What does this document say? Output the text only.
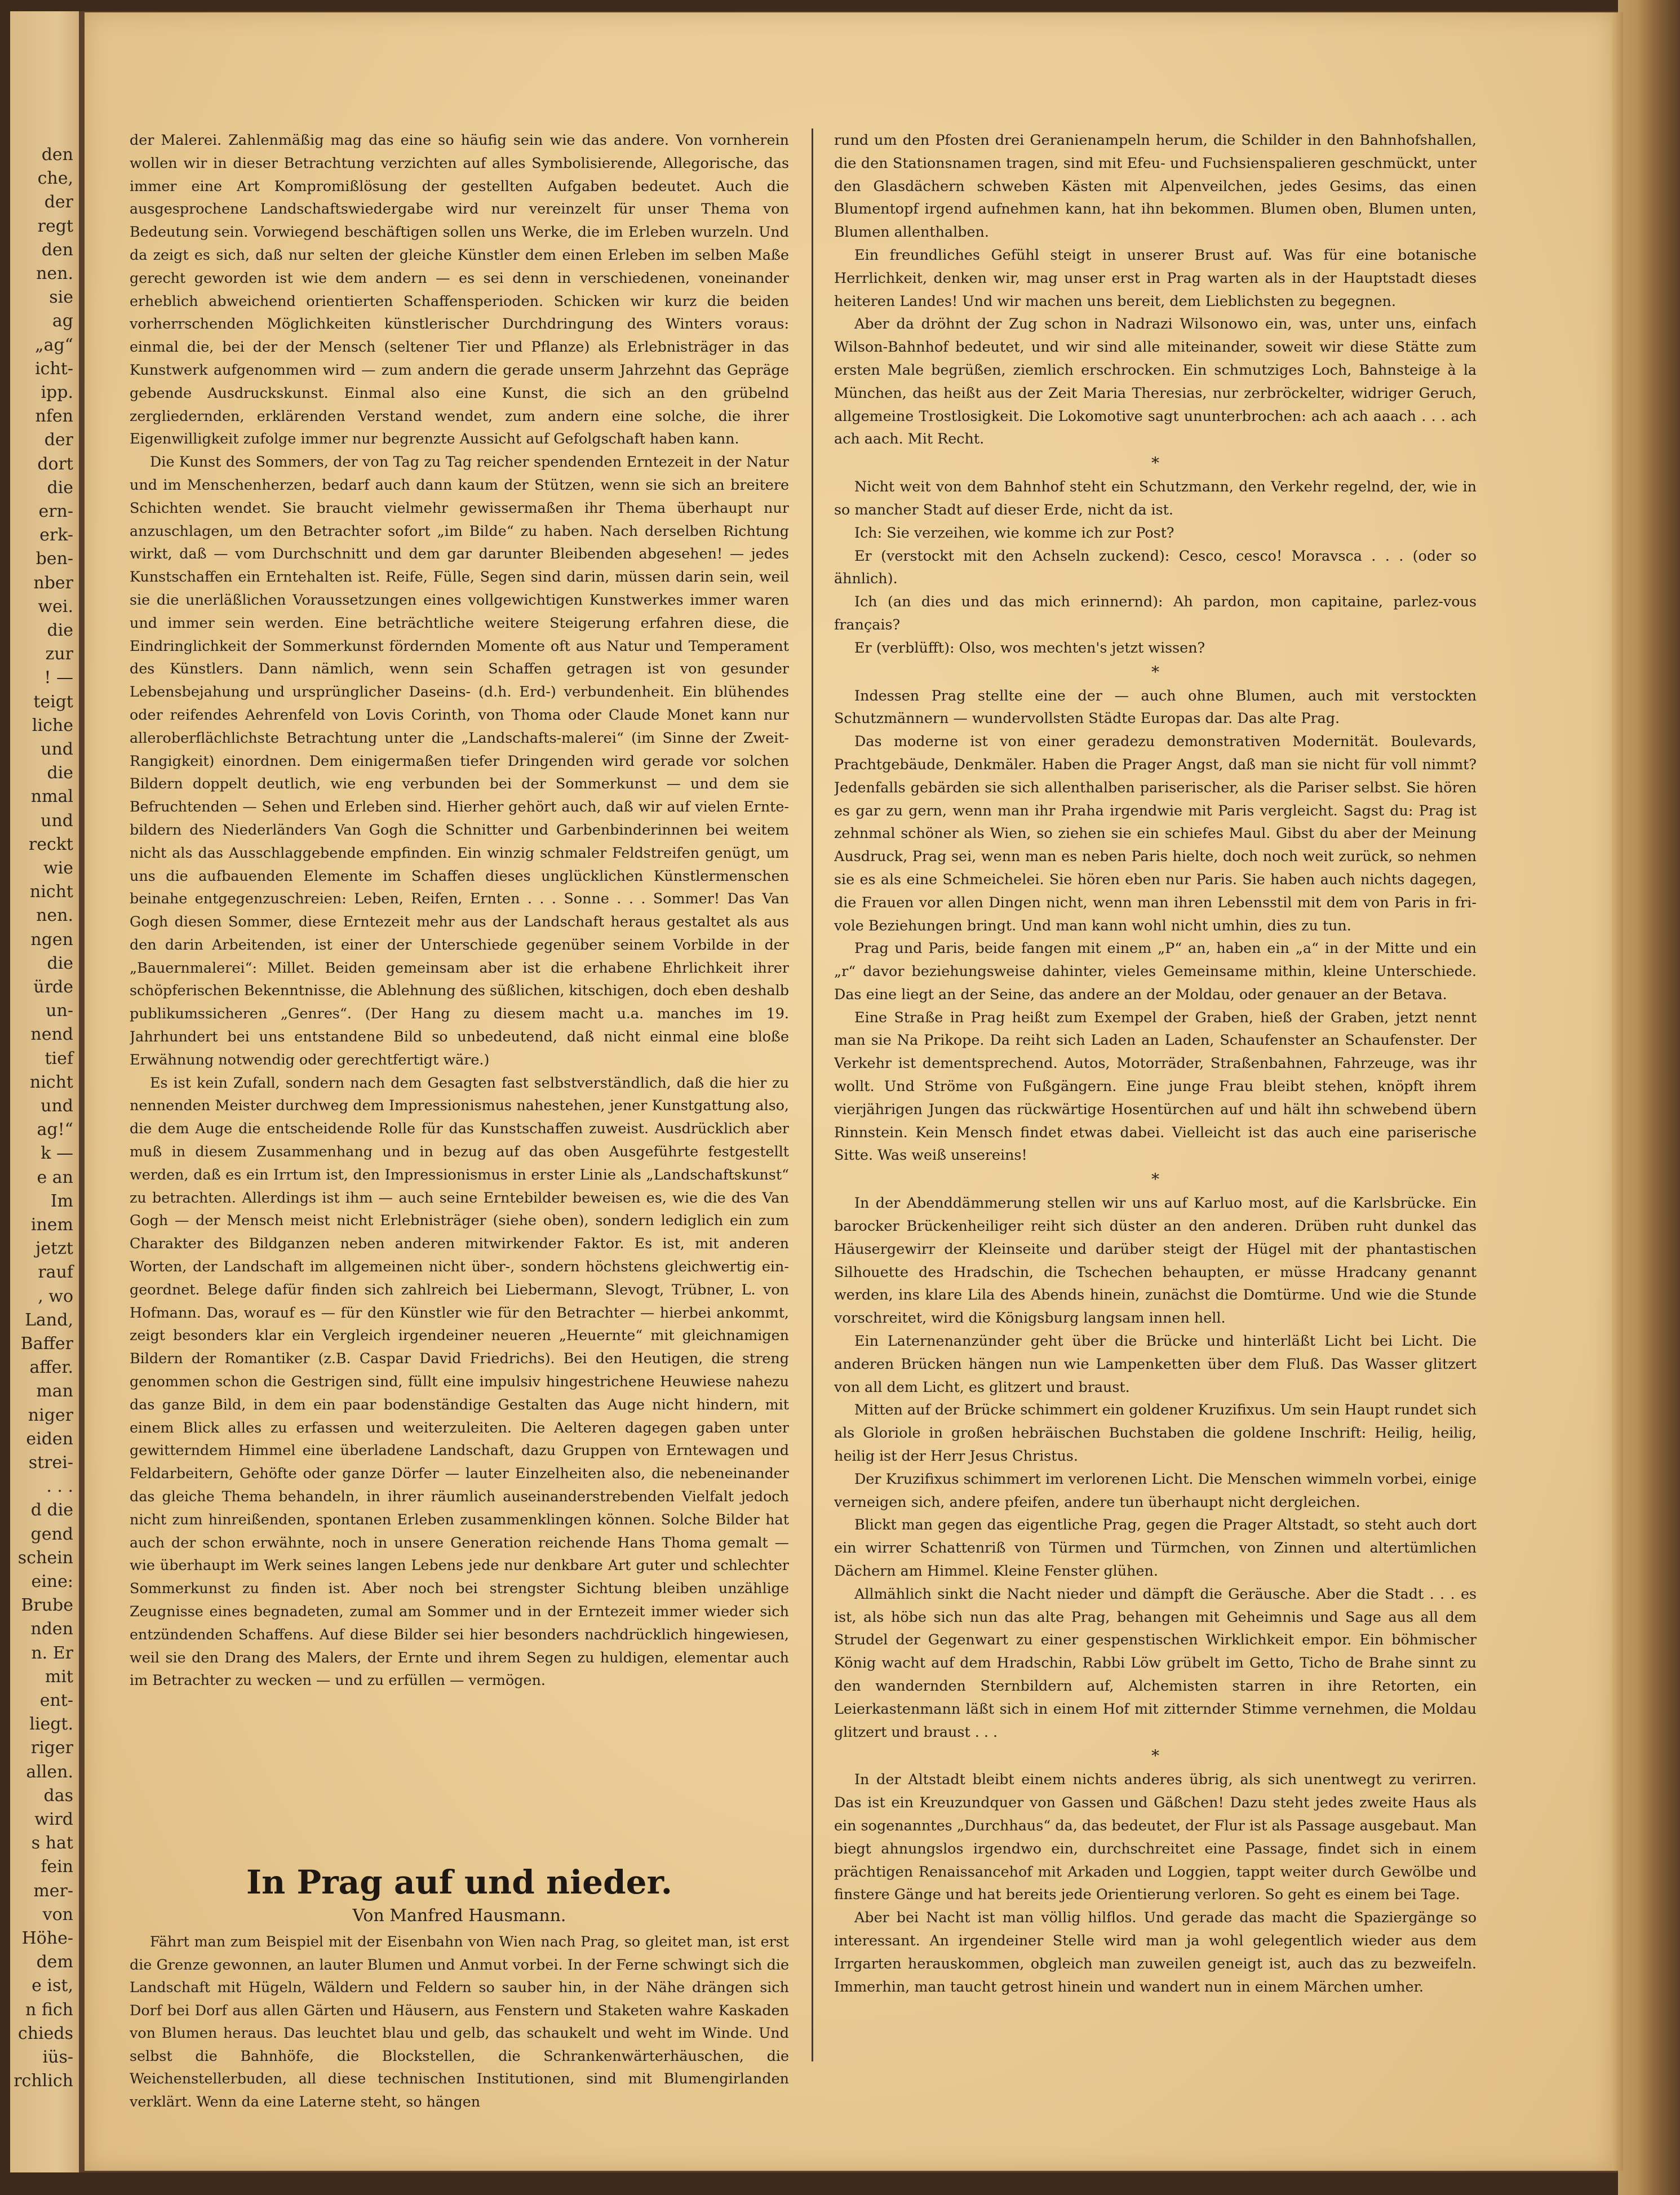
den
che,
der
regt
den
nen.
sie
ag
„ag“
icht-
ipp.
nfen
der
dort
die
ern-
erk-
ben-
nber
wei.
die
zur
! —
teigt
liche
und
die
nmal
und
reckt
wie
nicht
nen.
ngen
die
ürde
un-
nend
tief
nicht
und
ag!“
k —
e an
Im
inem
jetzt
rauf
, wo
Land,
Baffer
affer.
man
niger
eiden
strei-
. . .
d die
gend
schein
eine:
Brube
nden
n. Er
mit
ent-
liegt.
riger
allen.
das
wird
s hat
fein
mer-
von
Höhe-
dem
e ist,
n fich
chieds
iüs-
rchlich

der Malerei. Zahlenmäßig mag das eine so häufig sein wie das andere. Von vornherein wollen wir in dieser Betrachtung verzichten auf alles Symbolisierende, Allegorische, das immer eine Art Kompromißlösung der gestellten Aufgaben bedeutet. Auch die ausgesprochene Landschaftswiedergabe wird nur vereinzelt für unser Thema von Bedeutung sein. Vorwiegend beschäftigen sollen uns Werke, die im Erleben wurzeln. Und da zeigt es sich, daß nur selten der gleiche Künstler dem einen Erleben im selben Maße gerecht geworden ist wie dem andern — es sei denn in verschiedenen, voneinander erheblich abweichend orientierten Schaffensperioden. Schicken wir kurz die beiden vorherrschenden Möglichkeiten künstlerischer Durchdringung des Winters voraus: einmal die, bei der der Mensch (seltener Tier und Pflanze) als Erlebnisträger in das Kunstwerk aufgenommen wird — zum andern die gerade unserm Jahrzehnt das Gepräge gebende Ausdruckskunst. Einmal also eine Kunst, die sich an den grübelnd zergliedernden, erklärenden Verstand wendet, zum andern eine solche, die ihrer Eigenwilligkeit zufolge immer nur begrenzte Aussicht auf Gefolgschaft haben kann.

Die Kunst des Sommers, der von Tag zu Tag reicher spendenden Erntezeit in der Natur und im Menschenherzen, bedarf auch dann kaum der Stützen, wenn sie sich an breitere Schichten wendet. Sie braucht vielmehr gewissermaßen ihr Thema überhaupt nur anzuschlagen, um den Betrachter sofort „im Bilde“ zu haben. Nach derselben Richtung wirkt, daß — vom Durchschnitt und dem gar darunter Bleibenden abgesehen! — jedes Kunstschaffen ein Erntehalten ist. Reife, Fülle, Segen sind darin, müssen darin sein, weil sie die unerläßlichen Voraussetzungen eines vollgewichtigen Kunstwerkes immer waren und immer sein werden. Eine beträchtliche weitere Steigerung erfahren diese, die Eindringlichkeit der Sommerkunst fördernden Momente oft aus Natur und Temperament des Künstlers. Dann nämlich, wenn sein Schaffen getragen ist von gesunder Lebensbejahung und ursprünglicher Daseins- (d.h. Erd-) verbundenheit. Ein blühendes oder reifendes Aehrenfeld von Lovis Corinth, von Thoma oder Claude Monet kann nur alleroberflächlichste Betrachtung unter die „Landschafts-malerei“ (im Sinne der Zweit-Rangigkeit) einordnen. Dem einigermaßen tiefer Dringenden wird gerade vor solchen Bildern doppelt deutlich, wie eng verbunden bei der Sommerkunst — und dem sie Befruchtenden — Sehen und Erleben sind. Hierher gehört auch, daß wir auf vielen Erntebildern des Niederländers Van Gogh die Schnitter und Garbenbinderinnen bei weitem nicht als das Ausschlaggebende empfinden. Ein winzig schmaler Feldstreifen genügt, um uns die aufbauenden Elemente im Schaffen dieses unglücklichen Künstlermenschen beinahe entgegenzuschreien: Leben, Reifen, Ernten . . . Sonne . . . Sommer! Das Van Gogh diesen Sommer, diese Erntezeit mehr aus der Landschaft heraus gestaltet als aus den darin Arbeitenden, ist einer der Unterschiede gegenüber seinem Vorbilde in der „Bauernmalerei“: Millet. Beiden gemeinsam aber ist die erhabene Ehrlichkeit ihrer schöpferischen Bekenntnisse, die Ablehnung des süßlichen, kitschigen, doch eben deshalb publikumssicheren „Genres“. (Der Hang zu diesem macht u.a. manches im 19. Jahrhundert bei uns entstandene Bild so unbedeutend, daß nicht einmal eine bloße Erwähnung notwendig oder gerechtfertigt wäre.)

Es ist kein Zufall, sondern nach dem Gesagten fast selbstverständlich, daß die hier zu nennenden Meister durchweg dem Impressionismus nahestehen, jener Kunstgattung also, die dem Auge die entscheidende Rolle für das Kunstschaffen zuweist. Ausdrücklich aber muß in diesem Zusammenhang und in bezug auf das oben Ausgeführte festgestellt werden, daß es ein Irrtum ist, den Impressionismus in erster Linie als „Landschaftskunst“ zu betrachten. Allerdings ist ihm — auch seine Erntebilder beweisen es, wie die des Van Gogh — der Mensch meist nicht Erlebnisträger (siehe oben), sondern lediglich ein zum Charakter des Bildganzen neben anderen mitwirkender Faktor. Es ist, mit anderen Worten, der Landschaft im allgemeinen nicht über-, sondern höchstens gleichwertig eingeordnet. Belege dafür finden sich zahlreich bei Liebermann, Slevogt, Trübner, L. von Hofmann. Das, worauf es — für den Künstler wie für den Betrachter — hierbei ankommt, zeigt besonders klar ein Vergleich irgendeiner neueren „Heuernte“ mit gleichnamigen Bildern der Romantiker (z.B. Caspar David Friedrichs). Bei den Heutigen, die streng genommen schon die Gestrigen sind, füllt eine impulsiv hingestrichene Heuwiese nahezu das ganze Bild, in dem ein paar bodenständige Gestalten das Auge nicht hindern, mit einem Blick alles zu erfassen und weiterzuleiten. Die Aelteren dagegen gaben unter gewitterndem Himmel eine überladene Landschaft, dazu Gruppen von Erntewagen und Feldarbeitern, Gehöfte oder ganze Dörfer — lauter Einzelheiten also, die nebeneinander das gleiche Thema behandeln, in ihrer räumlich auseinanderstrebenden Vielfalt jedoch nicht zum hinreißenden, spontanen Erleben zusammenklingen können. Solche Bilder hat auch der schon erwähnte, noch in unsere Generation reichende Hans Thoma gemalt — wie überhaupt im Werk seines langen Lebens jede nur denkbare Art guter und schlechter Sommerkunst zu finden ist. Aber noch bei strengster Sichtung bleiben unzählige Zeugnisse eines begnadeten, zumal am Sommer und in der Erntezeit immer wieder sich entzündenden Schaffens. Auf diese Bilder sei hier besonders nachdrücklich hingewiesen, weil sie den Drang des Malers, der Ernte und ihrem Segen zu huldigen, elementar auch im Betrachter zu wecken — und zu erfüllen — vermögen.

In Prag auf und nieder.
Von Manfred Hausmann.

Fährt man zum Beispiel mit der Eisenbahn von Wien nach Prag, so gleitet man, ist erst die Grenze gewonnen, an lauter Blumen und Anmut vorbei. In der Ferne schwingt sich die Landschaft mit Hügeln, Wäldern und Feldern so sauber hin, in der Nähe drängen sich Dorf bei Dorf aus allen Gärten und Häusern, aus Fenstern und Staketen wahre Kaskaden von Blumen heraus. Das leuchtet blau und gelb, das schaukelt und weht im Winde. Und selbst die Bahnhöfe, die Blockstellen, die Schrankenwärterhäuschen, die Weichenstellerbuden, all diese technischen Institutionen, sind mit Blumengirlanden verklärt. Wenn da eine Laterne steht, so hängen

rund um den Pfosten drei Geranienampeln herum, die Schilder in den Bahnhofshallen, die den Stationsnamen tragen, sind mit Efeu- und Fuchsienspalieren geschmückt, unter den Glasdächern schweben Kästen mit Alpenveilchen, jedes Gesims, das einen Blumentopf irgend aufnehmen kann, hat ihn bekommen. Blumen oben, Blumen unten, Blumen allenthalben.

Ein freundliches Gefühl steigt in unserer Brust auf. Was für eine botanische Herrlichkeit, denken wir, mag unser erst in Prag warten als in der Hauptstadt dieses heiteren Landes! Und wir machen uns bereit, dem Lieblichsten zu begegnen.

Aber da dröhnt der Zug schon in Nadrazi Wilsonowo ein, was, unter uns, einfach Wilson-Bahnhof bedeutet, und wir sind alle miteinander, soweit wir diese Stätte zum ersten Male begrüßen, ziemlich erschrocken. Ein schmutziges Loch, Bahnsteige à la München, das heißt aus der Zeit Maria Theresias, nur zerbröckelter, widriger Geruch, allgemeine Trostlosigkeit. Die Lokomotive sagt ununterbrochen: ach ach aaach . . . ach ach aach. Mit Recht.

*

Nicht weit von dem Bahnhof steht ein Schutzmann, den Verkehr regelnd, der, wie in so mancher Stadt auf dieser Erde, nicht da ist.

Ich: Sie verzeihen, wie komme ich zur Post?

Er (verstockt mit den Achseln zuckend): Cesco, cesco! Moravsca . . . (oder so ähnlich).

Ich (an dies und das mich erinnernd): Ah pardon, mon capitaine, parlez-vous français?

Er (verblüfft): Olso, wos mechten's jetzt wissen?

*

Indessen Prag stellte eine der — auch ohne Blumen, auch mit verstockten Schutzmännern — wundervollsten Städte Europas dar. Das alte Prag.

Das moderne ist von einer geradezu demonstrativen Modernität. Boulevards, Prachtgebäude, Denkmäler. Haben die Prager Angst, daß man sie nicht für voll nimmt? Jedenfalls gebärden sie sich allenthalben pariserischer, als die Pariser selbst. Sie hören es gar zu gern, wenn man ihr Praha irgendwie mit Paris vergleicht. Sagst du: Prag ist zehnmal schöner als Wien, so ziehen sie ein schiefes Maul. Gibst du aber der Meinung Ausdruck, Prag sei, wenn man es neben Paris hielte, doch noch weit zurück, so nehmen sie es als eine Schmeichelei. Sie hören eben nur Paris. Sie haben auch nichts dagegen, die Frauen vor allen Dingen nicht, wenn man ihren Lebensstil mit dem von Paris in frivole Beziehungen bringt. Und man kann wohl nicht umhin, dies zu tun.

Prag und Paris, beide fangen mit einem „P“ an, haben ein „a“ in der Mitte und ein „r“ davor beziehungsweise dahinter, vieles Gemeinsame mithin, kleine Unterschiede. Das eine liegt an der Seine, das andere an der Moldau, oder genauer an der Betava.

Eine Straße in Prag heißt zum Exempel der Graben, hieß der Graben, jetzt nennt man sie Na Prikope. Da reiht sich Laden an Laden, Schaufenster an Schaufenster. Der Verkehr ist dementsprechend. Autos, Motorräder, Straßenbahnen, Fahrzeuge, was ihr wollt. Und Ströme von Fußgängern. Eine junge Frau bleibt stehen, knöpft ihrem vierjährigen Jungen das rückwärtige Hosentürchen auf und hält ihn schwebend übern Rinnstein. Kein Mensch findet etwas dabei. Vielleicht ist das auch eine pariserische Sitte. Was weiß unsereins!

*

In der Abenddämmerung stellen wir uns auf Karluo most, auf die Karlsbrücke. Ein barocker Brückenheiliger reiht sich düster an den anderen. Drüben ruht dunkel das Häusergewirr der Kleinseite und darüber steigt der Hügel mit der phantastischen Silhouette des Hradschin, die Tschechen behaupten, er müsse Hradcany genannt werden, ins klare Lila des Abends hinein, zunächst die Domtürme. Und wie die Stunde vorschreitet, wird die Königsburg langsam innen hell.

Ein Laternenanzünder geht über die Brücke und hinterläßt Licht bei Licht. Die anderen Brücken hängen nun wie Lampenketten über dem Fluß. Das Wasser glitzert von all dem Licht, es glitzert und braust.

Mitten auf der Brücke schimmert ein goldener Kruzifixus. Um sein Haupt rundet sich als Gloriole in großen hebräischen Buchstaben die goldene Inschrift: Heilig, heilig, heilig ist der Herr Jesus Christus.

Der Kruzifixus schimmert im verlorenen Licht. Die Menschen wimmeln vorbei, einige verneigen sich, andere pfeifen, andere tun überhaupt nicht dergleichen.

Blickt man gegen das eigentliche Prag, gegen die Prager Altstadt, so steht auch dort ein wirrer Schattenriß von Türmen und Türmchen, von Zinnen und altertümlichen Dächern am Himmel. Kleine Fenster glühen.

Allmählich sinkt die Nacht nieder und dämpft die Geräusche. Aber die Stadt . . . es ist, als höbe sich nun das alte Prag, behangen mit Geheimnis und Sage aus all dem Strudel der Gegenwart zu einer gespenstischen Wirklichkeit empor. Ein böhmischer König wacht auf dem Hradschin, Rabbi Löw grübelt im Getto, Ticho de Brahe sinnt zu den wandernden Sternbildern auf, Alchemisten starren in ihre Retorten, ein Leierkastenmann läßt sich in einem Hof mit zitternder Stimme vernehmen, die Moldau glitzert und braust . . .

*

In der Altstadt bleibt einem nichts anderes übrig, als sich unentwegt zu verirren. Das ist ein Kreuzundquer von Gassen und Gäßchen! Dazu steht jedes zweite Haus als ein sogenanntes „Durchhaus“ da, das bedeutet, der Flur ist als Passage ausgebaut. Man biegt ahnungslos irgendwo ein, durchschreitet eine Passage, findet sich in einem prächtigen Renaissancehof mit Arkaden und Loggien, tappt weiter durch Gewölbe und finstere Gänge und hat bereits jede Orientierung verloren. So geht es einem bei Tage.

Aber bei Nacht ist man völlig hilflos. Und gerade das macht die Spaziergänge so interessant. An irgendeiner Stelle wird man ja wohl gelegentlich wieder aus dem Irrgarten herauskommen, obgleich man zuweilen geneigt ist, auch das zu bezweifeln. Immerhin, man taucht getrost hinein und wandert nun in einem Märchen umher.
